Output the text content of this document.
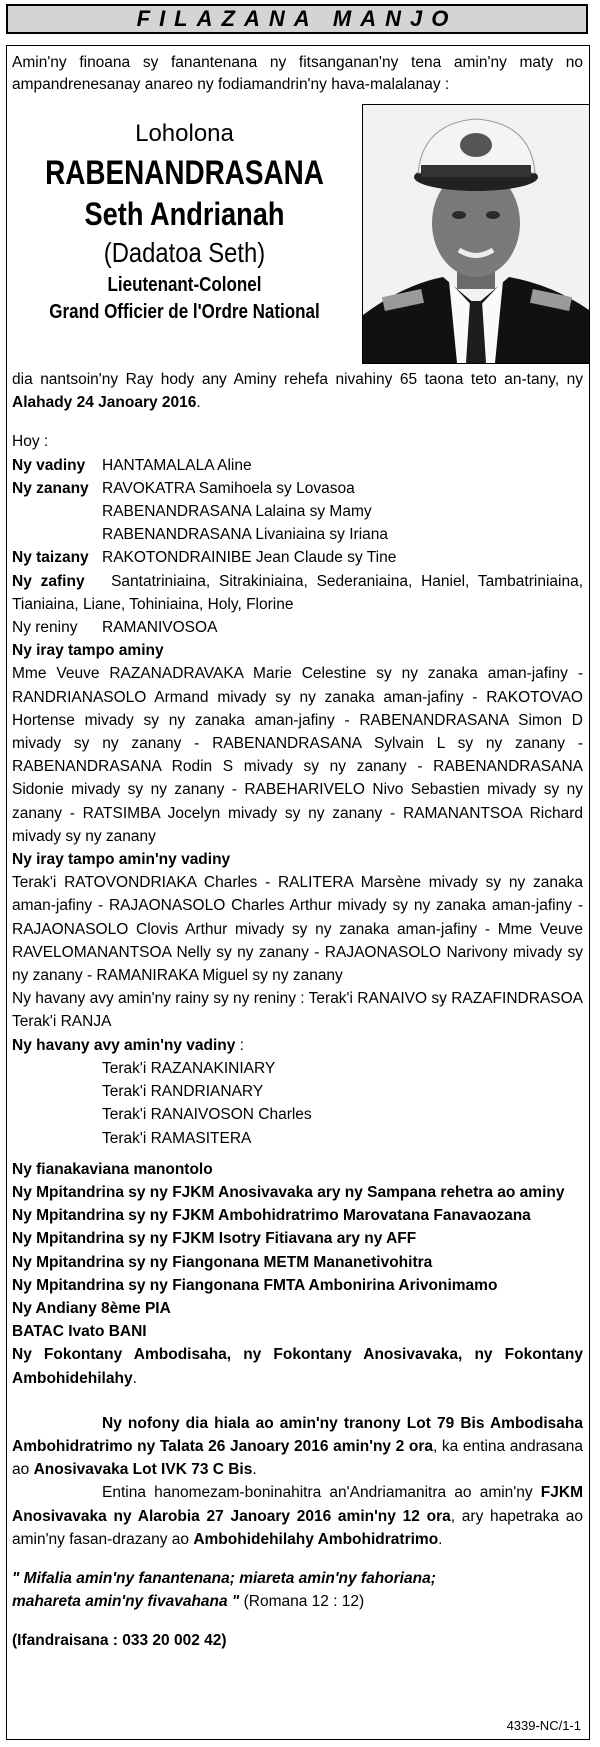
FILAZANA MANJO

Amin'ny finoana sy fanantenana ny fitsanganan'ny tena amin'ny maty no ampandrenesanay anareo ny fodiamandrin'ny hava-malalanay :

Loholona
RABENANDRASANA
Seth Andrianah
(Dadatoa Seth)
Lieutenant-Colonel
Grand Officier de l'Ordre National

dia nantsoin'ny Ray hody any Aminy rehefa nivahiny 65 taona teto an-tany, ny Alahady 24 Janoary 2016.

Hoy :

Ny vadiny	HANTAMALALA Aline
Ny zanany RAVOKATRA Samihoela sy Lovasoa
RABENANDRASANA Lalaina sy Mamy
RABENANDRASANA Livaniaina sy Iriana
Ny taizany RAKOTONDRAINIBE Jean Claude sy Tine

Ny zafiny Santatriniaina, Sitrakiniaina, Sederaniaina, Haniel, Tambatriniaina, Tianiaina, Liane, Tohiniaina, Holy, Florine

Ny reniny	RAMANIVOSOA

Ny iray tampo aminy

Mme Veuve RAZANADRAVAKA Marie Celestine sy ny zanaka aman-jafiny - RANDRIANASOLO Armand mivady sy ny zanaka aman-jafiny - RAKOTOVAO Hortense mivady sy ny zanaka aman-jafiny - RABENANDRASANA Simon D mivady sy ny zanany - RABENANDRASANA Sylvain L sy ny zanany - RABENANDRASANA Rodin S mivady sy ny zanany - RABENANDRASANA Sidonie mivady sy ny zanany - RABEHARIVELO Nivo Sebastien mivady sy ny zanany - RATSIMBA Jocelyn mivady sy ny zanany - RAMANANTSOA Richard mivady sy ny zanany

Ny iray tampo amin'ny vadiny

Terak'i RATOVONDRIAKA Charles - RALITERA Marsène mivady sy ny zanaka aman-jafiny - RAJAONASOLO Charles Arthur mivady sy ny zanaka aman-jafiny - RAJAONASOLO Clovis Arthur mivady sy ny zanaka aman-jafiny - Mme Veuve RAVELOMANANTSOA Nelly sy ny zanany - RAJAONASOLO Narivony mivady sy ny zanany - RAMANIRAKA Miguel sy ny zanany

Ny havany avy amin'ny rainy sy ny reniny : Terak'i RANAIVO sy RAZAFINDRASOA Terak'i RANJA

Ny havany avy amin'ny vadiny :

Terak'i RAZANAKINIARY
Terak'i RANDRIANARY
Terak'i RANAIVOSON Charles
Terak'i RAMASITERA

Ny fianakaviana manontolo

Ny Mpitandrina sy ny FJKM Anosivavaka ary ny Sampana rehetra ao aminy

Ny Mpitandrina sy ny FJKM Ambohidratrimo Marovatana Fanavaozana

Ny Mpitandrina sy ny FJKM Isotry Fitiavana ary ny AFF

Ny Mpitandrina sy ny Fiangonana METM Mananetivohitra

Ny Mpitandrina sy ny Fiangonana FMTA Ambonirina Arivonimamo

Ny Andiany 8ème PIA

BATAC Ivato BANI

Ny Fokontany Ambodisaha, ny Fokontany Anosivavaka, ny Fokontany Ambohidehilahy.

Ny nofony dia hiala ao amin'ny tranony Lot 79 Bis Ambodisaha Ambohidratrimo ny Talata 26 Janoary 2016 amin'ny 2 ora, ka entina andrasana ao Anosivavaka Lot IVK 73 C Bis.

Entina hanomezam-boninahitra an'Andriamanitra ao amin'ny FJKM Anosivavaka ny Alarobia 27 Janoary 2016 amin'ny 12 ora, ary hapetraka ao amin'ny fasan-drazany ao Ambohidehilahy Ambohidratrimo.

" Mifalia amin'ny fanantenana; miareta amin'ny fahoriana; mahareta amin'ny fivavahana " (Romana 12 : 12)

(Ifandraisana : 033 20 002 42)

4339-NC/1-1
